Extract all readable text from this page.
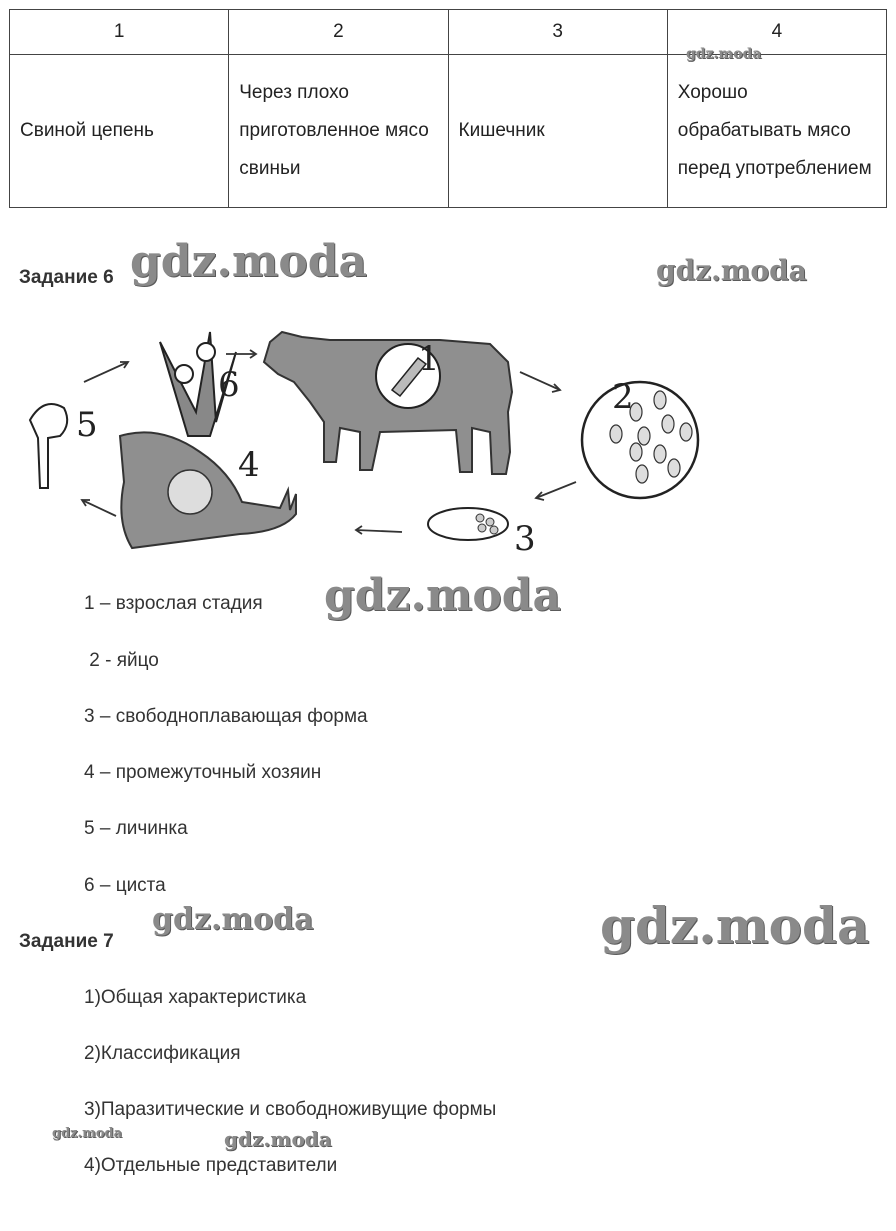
1	2	3	4
Свиной цепень	Через плохо приготовленное мясо свиньи	Кишечник	Хорошо обрабатывать мясо перед употреблением
Задание 6
1
2
3
4
5
6
1 – взрослая стадия
2 - яйцо
3 – свободноплавающая форма
4 – промежуточный хозяин
5 – личинка
6 – циста
Задание 7
1)Общая характеристика
2)Классификация
3)Паразитические и свободноживущие формы
4)Отдельные представители
gdz.moda
gdz.moda	gdz.moda
gdz.moda
gdz.moda	gdz.moda
gdz.moda	gdz.moda
